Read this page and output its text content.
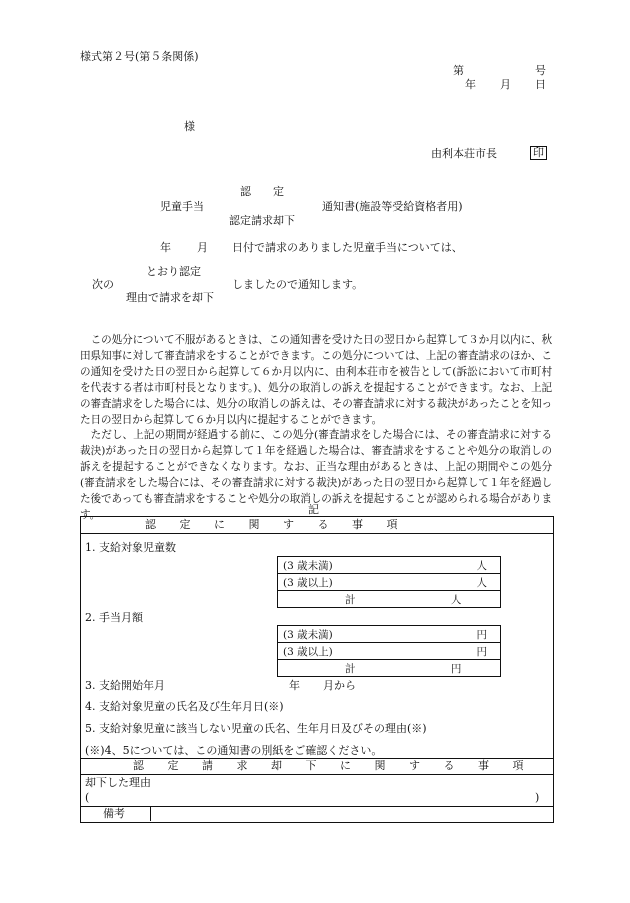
様式第２号(第５条関係)
第	号
年 月 日
様
由利本荘市長	印
認　　定
児童手当	通知書(施設等受給資格者用)
認定請求却下
年 月 日付で請求のありました児童手当については、
とおり認定
次の	しましたので通知します。
理由で請求を却下

この処分について不服があるときは、この通知書を受けた日の翌日から起算して３か月以内に、秋田県知事に対して審査請求をすることができます。この処分については、上記の審査請求のほか、この通知を受けた日の翌日から起算して６か月以内に、由利本荘市を被告として(訴訟において市町村を代表する者は市町村長となります。)、処分の取消しの訴えを提起することができます。なお、上記の審査請求をした場合には、処分の取消しの訴えは、その審査請求に対する裁決があったことを知った日の翌日から起算して６か月以内に提起することができます。

ただし、上記の期間が経過する前に、この処分(審査請求をした場合には、その審査請求に対する裁決)があった日の翌日から起算して１年を経過した場合は、審査請求をすることや処分の取消しの訴えを提起することができなくなります。なお、正当な理由があるときは、上記の期間やこの処分(審査請求をした場合には、その審査請求に対する裁決)があった日の翌日から起算して１年を経過した後であっても審査請求をすることや処分の取消しの訴えを提起することが認められる場合があります。	記
認　　定　　に　　関　　す　　る　　事　　項
1. 支給対象児童数
(3 歳未満)	人

(3 歳以上)	人

計	人
2. 手当月額
(3 歳未満)	円

(3 歳以上)	円

計	円
3. 支給開始年月	年 月から
4. 支給対象児童の氏名及び生年月日(※)
5. 支給対象児童に該当しない児童の氏名、生年月日及びその理由(※)
(※)4、5については、この通知書の別紙をご確認ください。
認　　定　　請　　求　　却　　下　　に　　関　　す　　る　　事　　項
却下した理由
(	)
備考
